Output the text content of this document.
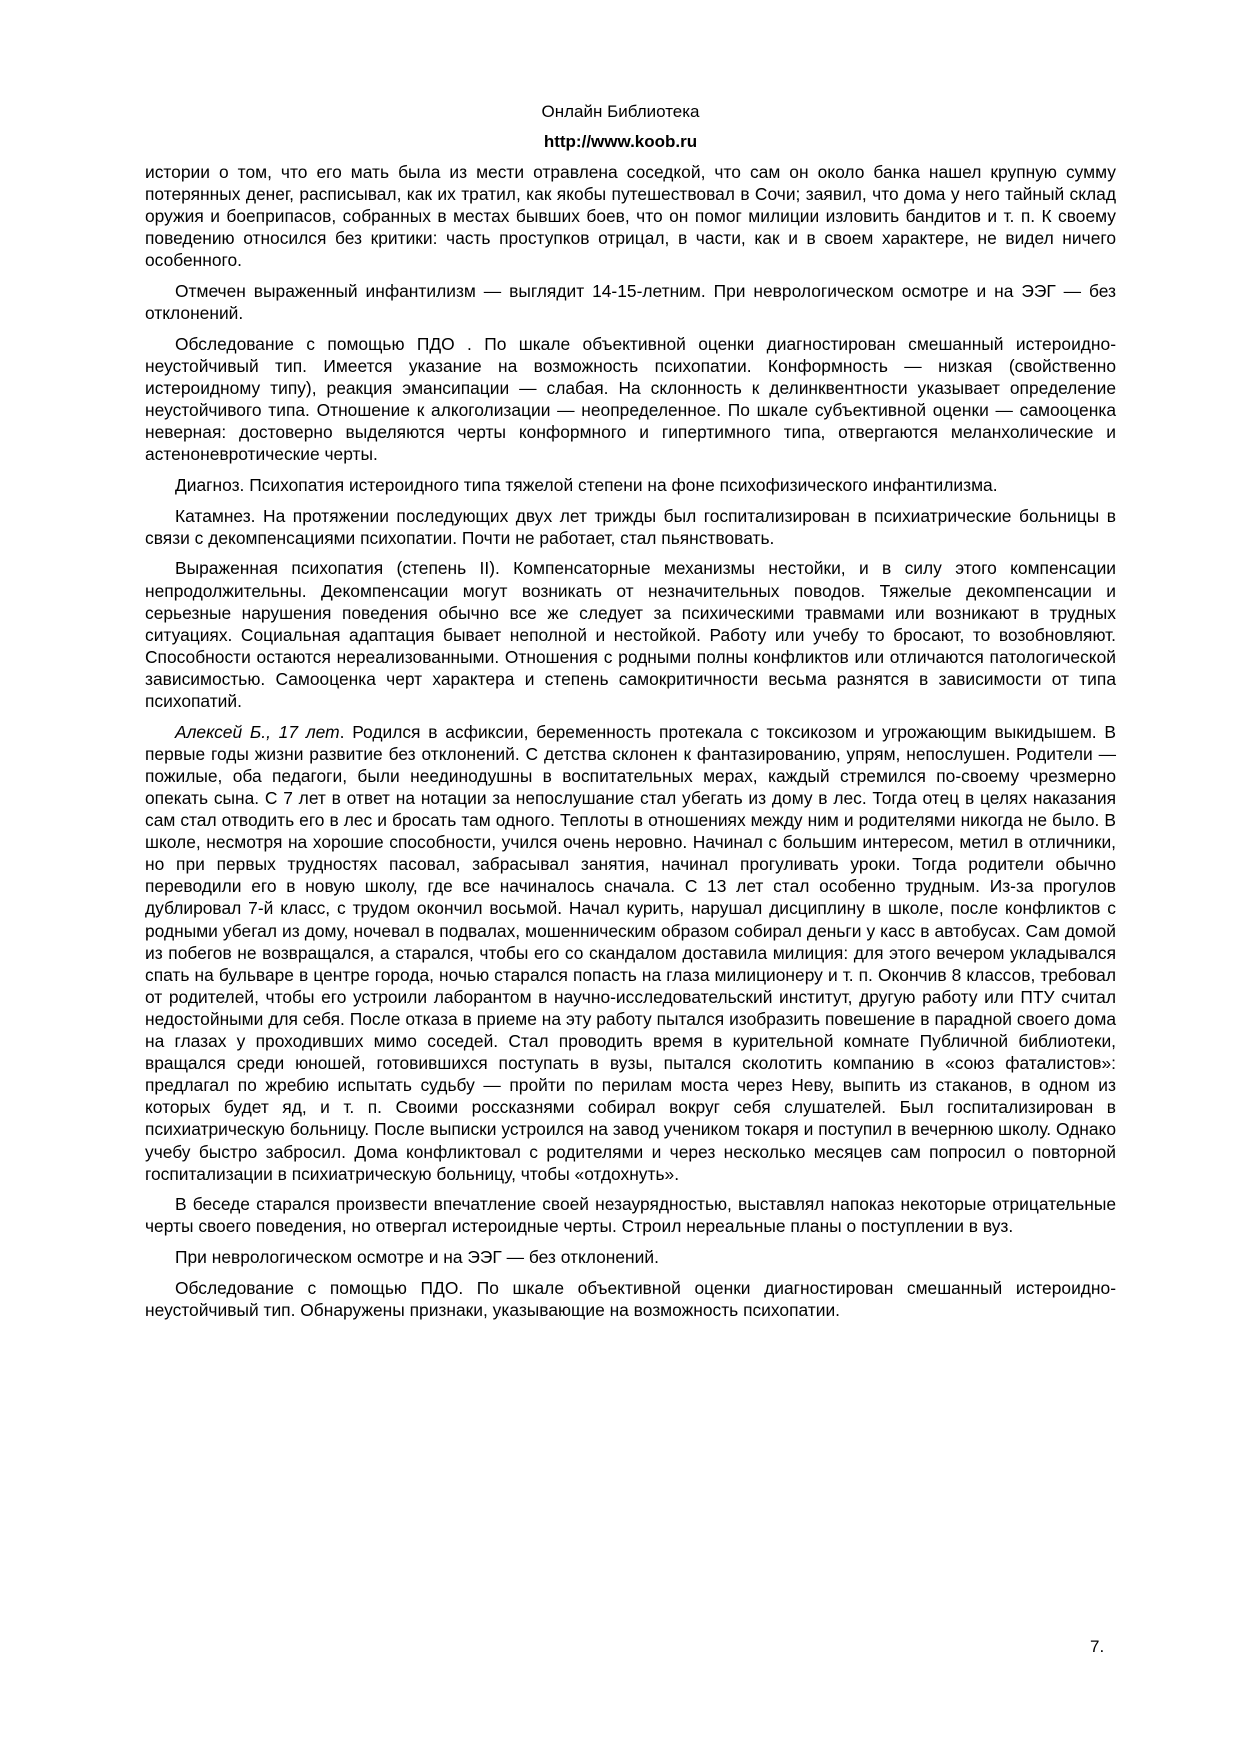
Онлайн Библиотека
http://www.koob.ru

истории о том, что его мать была из мести отравлена соседкой, что сам он около банка нашел крупную сумму потерянных денег, расписывал, как их тратил, как якобы путешествовал в Сочи; заявил, что дома у него тайный склад оружия и боеприпасов, собранных в местах бывших боев, что он помог милиции изловить бандитов и т. п. К своему поведению относился без критики: часть проступков отрицал, в части, как и в своем характере, не видел ничего особенного.

Отмечен выраженный инфантилизм — выглядит 14-15-летним. При неврологическом осмотре и на ЭЭГ — без отклонений.

Обследование с помощью ПДО . По шкале объективной оценки диагностирован смешанный истероидно-неустойчивый тип. Имеется указание на возможность психопатии. Конформность — низкая (свойственно истероидному типу), реакция эмансипации — слабая. На склонность к делинквентности указывает определение неустойчивого типа. Отношение к алкоголизации — неопределенное. По шкале субъективной оценки — самооценка неверная: достоверно выделяются черты конформного и гипертимного типа, отвергаются меланхолические и астеноневротические черты.

Диагноз. Психопатия истероидного типа тяжелой степени на фоне психофизического инфантилизма.

Катамнез. На протяжении последующих двух лет трижды был госпитализирован в психиатрические больницы в связи с декомпенсациями психопатии. Почти не работает, стал пьянствовать.

Выраженная психопатия (степень II). Компенсаторные механизмы нестойки, и в силу этого компенсации непродолжительны. Декомпенсации могут возникать от незначительных поводов. Тяжелые декомпенсации и серьезные нарушения поведения обычно все же следует за психическими травмами или возникают в трудных ситуациях. Социальная адаптация бывает неполной и нестойкой. Работу или учебу то бросают, то возобновляют. Способности остаются нереализованными. Отношения с родными полны конфликтов или отличаются патологической зависимостью. Самооценка черт характера и степень самокритичности весьма разнятся в зависимости от типа психопатий.

Алексей Б., 17 лет. Родился в асфиксии, беременность протекала с токсикозом и угрожающим выкидышем. В первые годы жизни развитие без отклонений. С детства склонен к фантазированию, упрям, непослушен. Родители — пожилые, оба педагоги, были неединодушны в воспитательных мерах, каждый стремился по-своему чрезмерно опекать сына. С 7 лет в ответ на нотации за непослушание стал убегать из дому в лес. Тогда отец в целях наказания сам стал отводить его в лес и бросать там одного. Теплоты в отношениях между ним и родителями никогда не было. В школе, несмотря на хорошие способности, учился очень неровно. Начинал с большим интересом, метил в отличники, но при первых трудностях пасовал, забрасывал занятия, начинал прогуливать уроки. Тогда родители обычно переводили его в новую школу, где все начиналось сначала. С 13 лет стал особенно трудным. Из-за прогулов дублировал 7-й класс, с трудом окончил восьмой. Начал курить, нарушал дисциплину в школе, после конфликтов с родными убегал из дому, ночевал в подвалах, мошенническим образом собирал деньги у касс в автобусах. Сам домой из побегов не возвращался, а старался, чтобы его со скандалом доставила милиция: для этого вечером укладывался спать на бульваре в центре города, ночью старался попасть на глаза милиционеру и т. п. Окончив 8 классов, требовал от родителей, чтобы его устроили лаборантом в научно-исследовательский институт, другую работу или ПТУ считал недостойными для себя. После отказа в приеме на эту работу пытался изобразить повешение в парадной своего дома на глазах у проходивших мимо соседей. Стал проводить время в курительной комнате Публичной библиотеки, вращался среди юношей, готовившихся поступать в вузы, пытался сколотить компанию в «союз фаталистов»: предлагал по жребию испытать судьбу — пройти по перилам моста через Неву, выпить из стаканов, в одном из которых будет яд, и т. п. Своими россказнями собирал вокруг себя слушателей. Был госпитализирован в психиатрическую больницу. После выписки устроился на завод учеником токаря и поступил в вечернюю школу. Однако учебу быстро забросил. Дома конфликтовал с родителями и через несколько месяцев сам попросил о повторной госпитализации в психиатрическую больницу, чтобы «отдохнуть».

В беседе старался произвести впечатление своей незаурядностью, выставлял напоказ некоторые отрицательные черты своего поведения, но отвергал истероидные черты. Строил нереальные планы о поступлении в вуз.

При неврологическом осмотре и на ЭЭГ — без отклонений.

Обследование с помощью ПДО. По шкале объективной оценки диагностирован смешанный истероидно-неустойчивый тип. Обнаружены признаки, указывающие на возможность психопатии.

7.
